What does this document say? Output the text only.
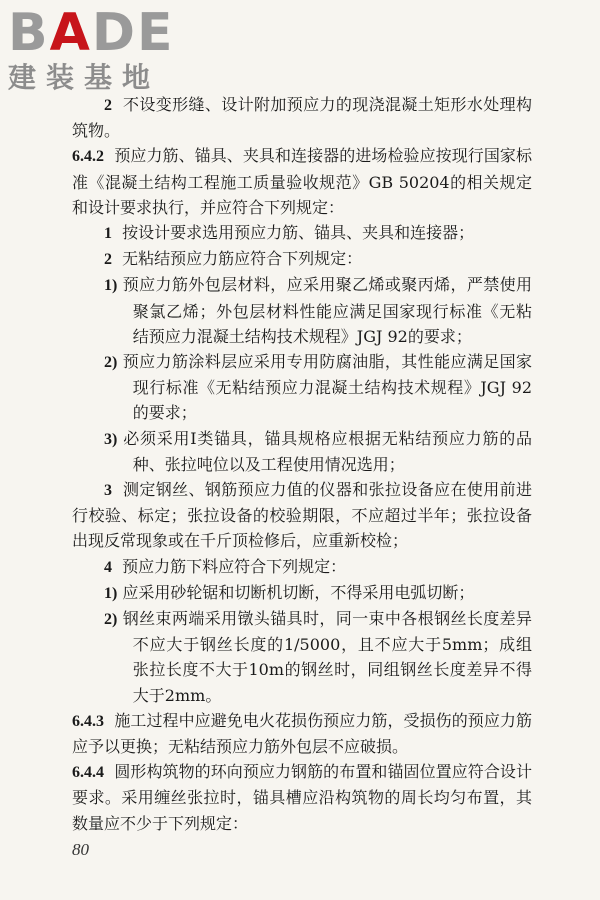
BADE
建装基地

2 不设变形缝、设计附加预应力的现浇混凝土矩形水处理构筑物。

6.4.2 预应力筋、锚具、夹具和连接器的进场检验应按现行国家标准《混凝土结构工程施工质量验收规范》GB 50204的相关规定和设计要求执行，并应符合下列规定：

1 按设计要求选用预应力筋、锚具、夹具和连接器；

2 无粘结预应力筋应符合下列规定：

1) 预应力筋外包层材料，应采用聚乙烯或聚丙烯，严禁使用聚氯乙烯；外包层材料性能应满足国家现行标准《无粘结预应力混凝土结构技术规程》JGJ 92的要求；

2) 预应力筋涂料层应采用专用防腐油脂，其性能应满足国家现行标准《无粘结预应力混凝土结构技术规程》JGJ 92 的要求；

3) 必须采用Ⅰ类锚具，锚具规格应根据无粘结预应力筋的品种、张拉吨位以及工程使用情况选用；

3 测定钢丝、钢筋预应力值的仪器和张拉设备应在使用前进行校验、标定；张拉设备的校验期限，不应超过半年；张拉设备出现反常现象或在千斤顶检修后，应重新校检；

4 预应力筋下料应符合下列规定：

1) 应采用砂轮锯和切断机切断，不得采用电弧切断；

2) 钢丝束两端采用镦头锚具时，同一束中各根钢丝长度差异不应大于钢丝长度的1/5000，且不应大于5mm；成组张拉长度不大于10m的钢丝时，同组钢丝长度差异不得大于2mm。

6.4.3 施工过程中应避免电火花损伤预应力筋，受损伤的预应力筋应予以更换；无粘结预应力筋外包层不应破损。

6.4.4 圆形构筑物的环向预应力钢筋的布置和锚固位置应符合设计要求。采用缠丝张拉时，锚具槽应沿构筑物的周长均匀布置，其数量应不少于下列规定：

80
